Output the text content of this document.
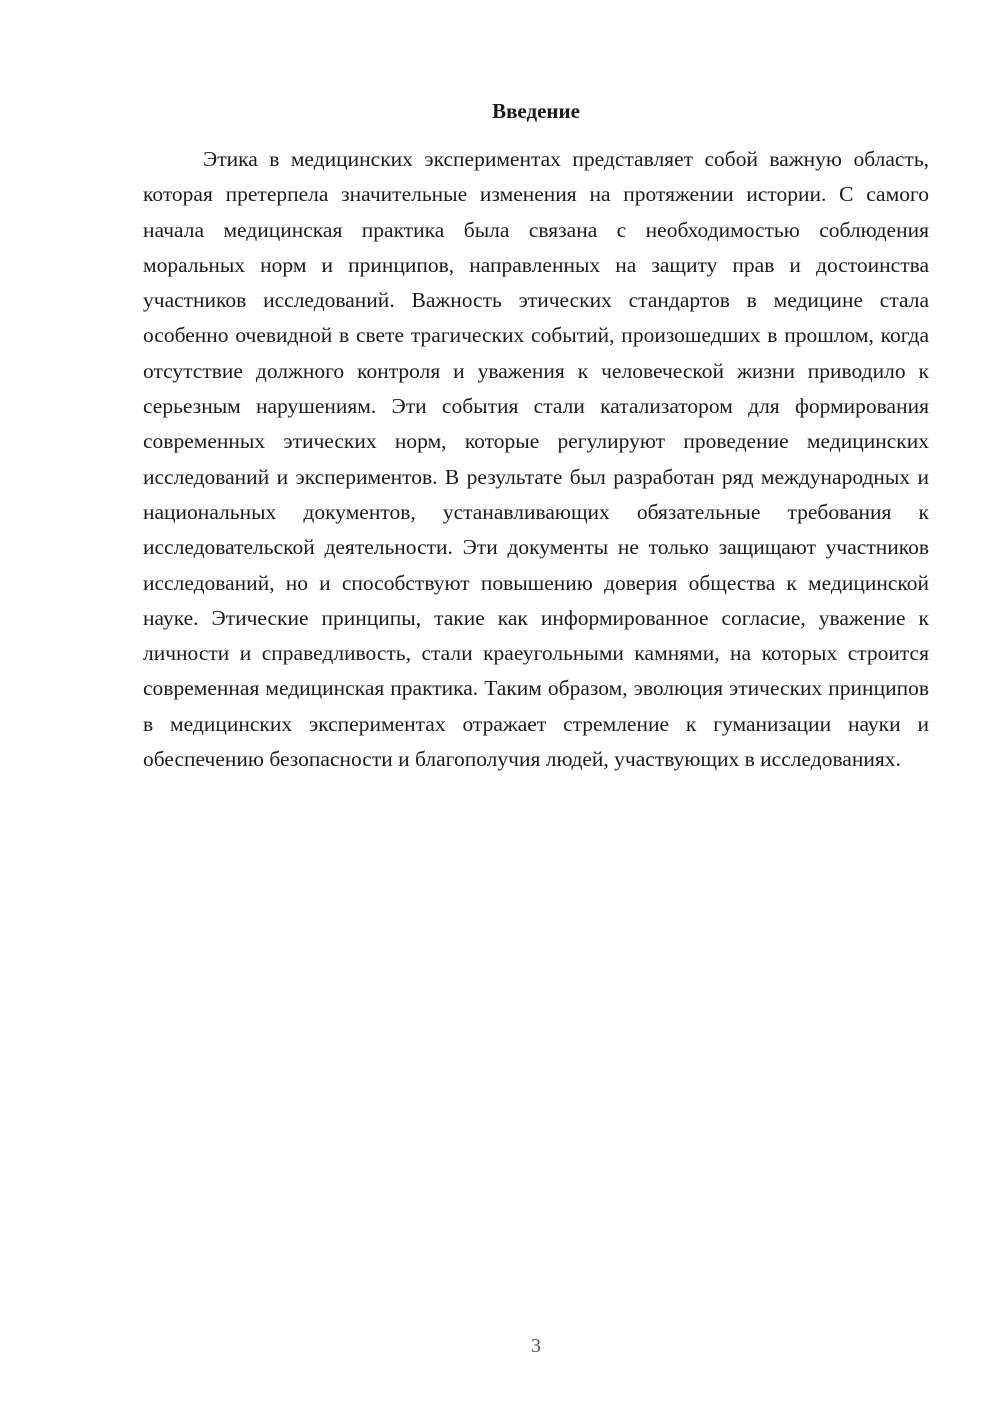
Введение

Этика в медицинских экспериментах представляет собой важную область, которая претерпела значительные изменения на протяжении истории. С самого начала медицинская практика была связана с необходимостью соблюдения моральных норм и принципов, направленных на защиту прав и достоинства участников исследований. Важность этических стандартов в медицине стала особенно очевидной в свете трагических событий, произошедших в прошлом, когда отсутствие должного контроля и уважения к человеческой жизни приводило к серьезным нарушениям. Эти события стали катализатором для формирования современных этических норм, которые регулируют проведение медицинских исследований и экспериментов. В результате был разработан ряд международных и национальных документов, устанавливающих обязательные требования к исследовательской деятельности. Эти документы не только защищают участников исследований, но и способствуют повышению доверия общества к медицинской науке. Этические принципы, такие как информированное согласие, уважение к личности и справедливость, стали краеугольными камнями, на которых строится современная медицинская практика. Таким образом, эволюция этических принципов в медицинских экспериментах отражает стремление к гуманизации науки и обеспечению безопасности и благополучия людей, участвующих в исследованиях.

3
